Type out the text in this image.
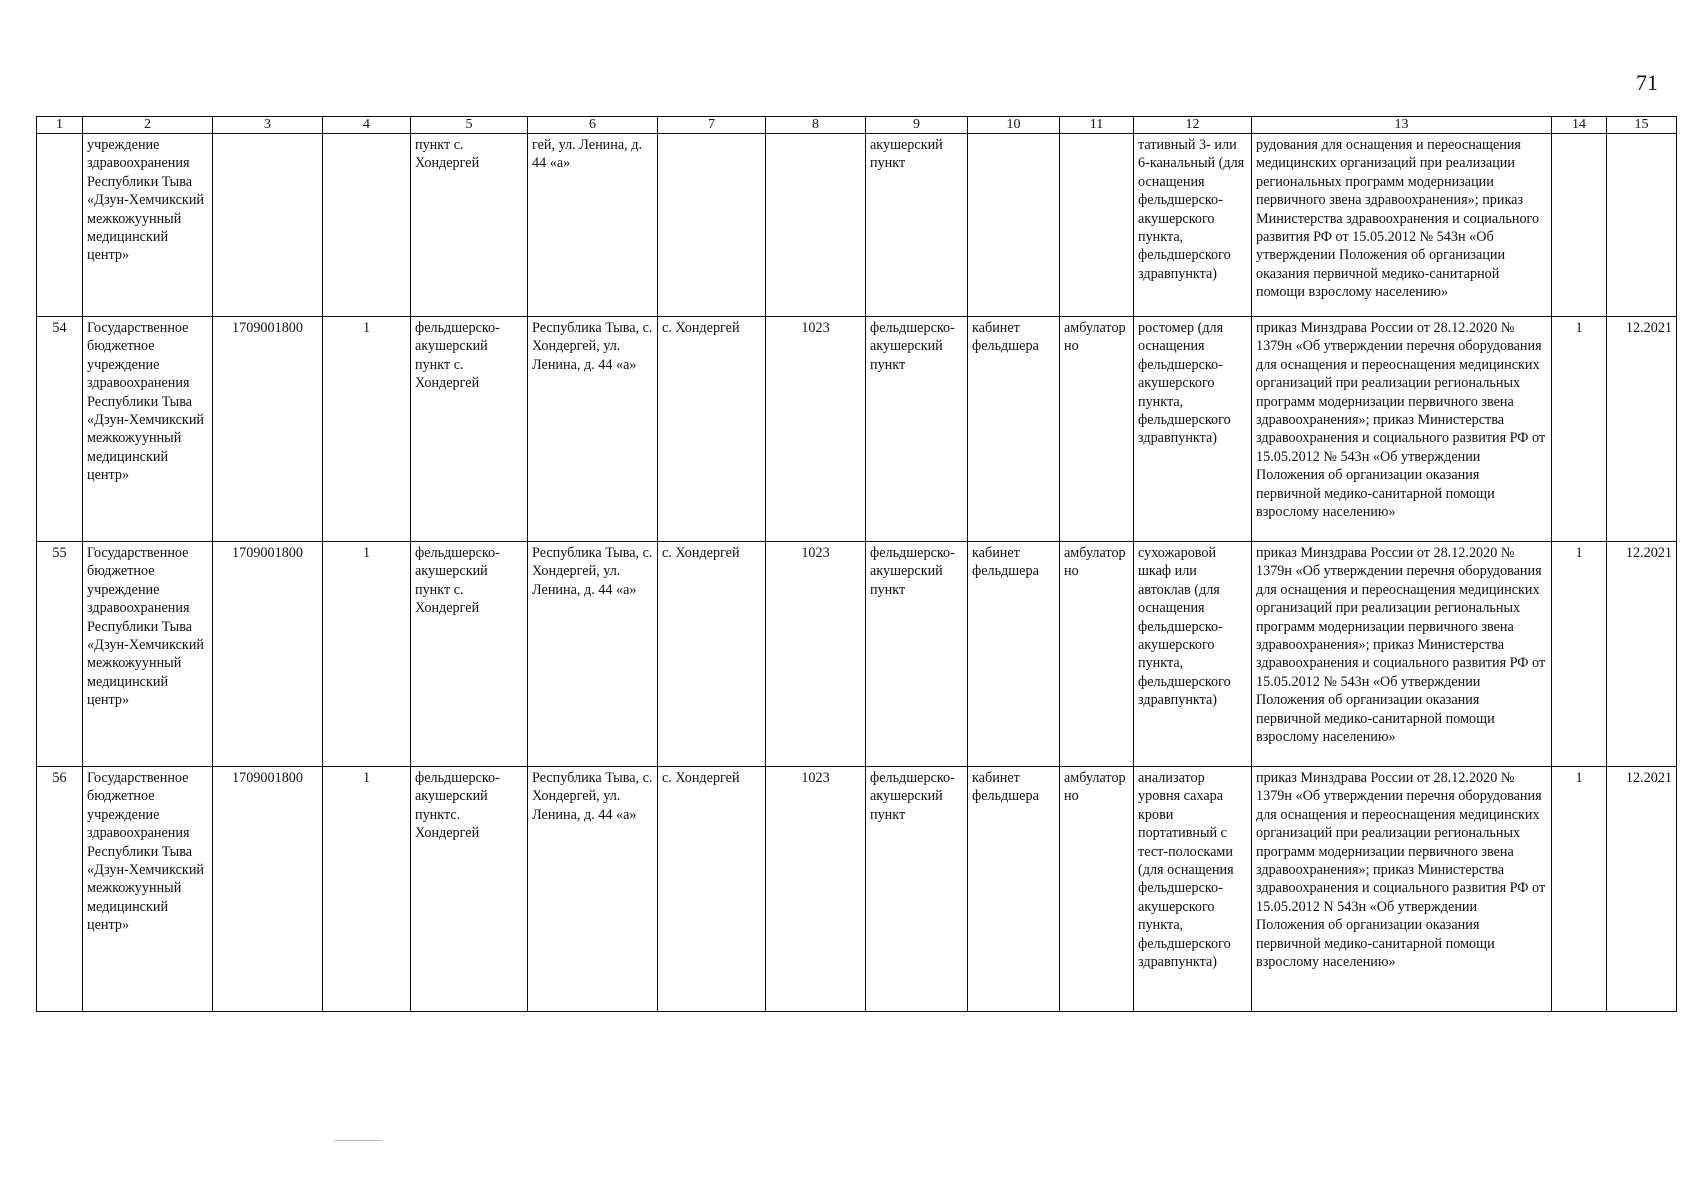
71
1	2	3	4	5	6	7	8	9	10	11	12	13	14	15
	учреждение здравоохранения Республики Тыва «Дзун-Хемчикский межкожуунный медицинский центр»			пункт с. Хондергей	гей, ул. Ленина, д. 44 «а»			акушерский пункт			тативный 3- или 6-канальный (для оснащения фельдшерско-акушерского пункта, фельдшерского здравпункта)	рудования для оснащения и переоснащения медицинских организаций при реализации региональных программ модернизации первичного звена здравоохранения»; приказ Министерства здравоохранения и социального развития РФ от 15.05.2012 № 543н «Об утверждении Положения об организации оказания первичной медико-санитарной помощи взрослому населению»		
54	Государственное бюджетное учреждение здравоохранения Республики Тыва «Дзун-Хемчикский межкожуунный медицинский центр»	1709001800	1	фельдшерско-акушерский пункт с. Хондергей	Республика Тыва, с. Хондергей, ул. Ленина, д. 44 «а»	с. Хондергей	1023	фельдшерско-акушерский пункт	кабинет фельдшера	амбулаторно	ростомер (для оснащения фельдшерско-акушерского пункта, фельдшерского здравпункта)	приказ Минздрава России от 28.12.2020 № 1379н «Об утверждении перечня оборудования для оснащения и переоснащения медицинских организаций при реализации региональных программ модернизации первичного звена здравоохранения»; приказ Министерства здравоохранения и социального развития РФ от 15.05.2012 № 543н «Об утверждении Положения об организации оказания первичной медико-санитарной помощи взрослому населению»	1	12.2021
55	Государственное бюджетное учреждение здравоохранения Республики Тыва «Дзун-Хемчикский межкожуунный медицинский центр»	1709001800	1	фельдшерско-акушерский пункт с. Хондергей	Республика Тыва, с. Хондергей, ул. Ленина, д. 44 «а»	с. Хондергей	1023	фельдшерско-акушерский пункт	кабинет фельдшера	амбулаторно	сухожаровой шкаф или автоклав (для оснащения фельдшерско-акушерского пункта, фельдшерского здравпункта)	приказ Минздрава России от 28.12.2020 № 1379н «Об утверждении перечня оборудования для оснащения и переоснащения медицинских организаций при реализации региональных программ модернизации первичного звена здравоохранения»; приказ Министерства здравоохранения и социального развития РФ от 15.05.2012 № 543н «Об утверждении Положения об организации оказания первичной медико-санитарной помощи взрослому населению»	1	12.2021
56	Государственное бюджетное учреждение здравоохранения Республики Тыва «Дзун-Хемчикский межкожуунный медицинский центр»	1709001800	1	фельдшерско-акушерский пунктс. Хондергей	Республика Тыва, с. Хондергей, ул. Ленина, д. 44 «а»	с. Хондергей	1023	фельдшерско-акушерский пункт	кабинет фельдшера	амбулаторно	анализатор уровня сахара крови портативный с тест-полосками (для оснащения фельдшерско-акушерского пункта, фельдшерского здравпункта)	приказ Минздрава России от 28.12.2020 № 1379н «Об утверждении перечня оборудования для оснащения и переоснащения медицинских организаций при реализации региональных программ модернизации первичного звена здравоохранения»; приказ Министерства здравоохранения и социального развития РФ от 15.05.2012 N 543н «Об утверждении Положения об организации оказания первичной медико-санитарной помощи взрослому населению»	1	12.2021
